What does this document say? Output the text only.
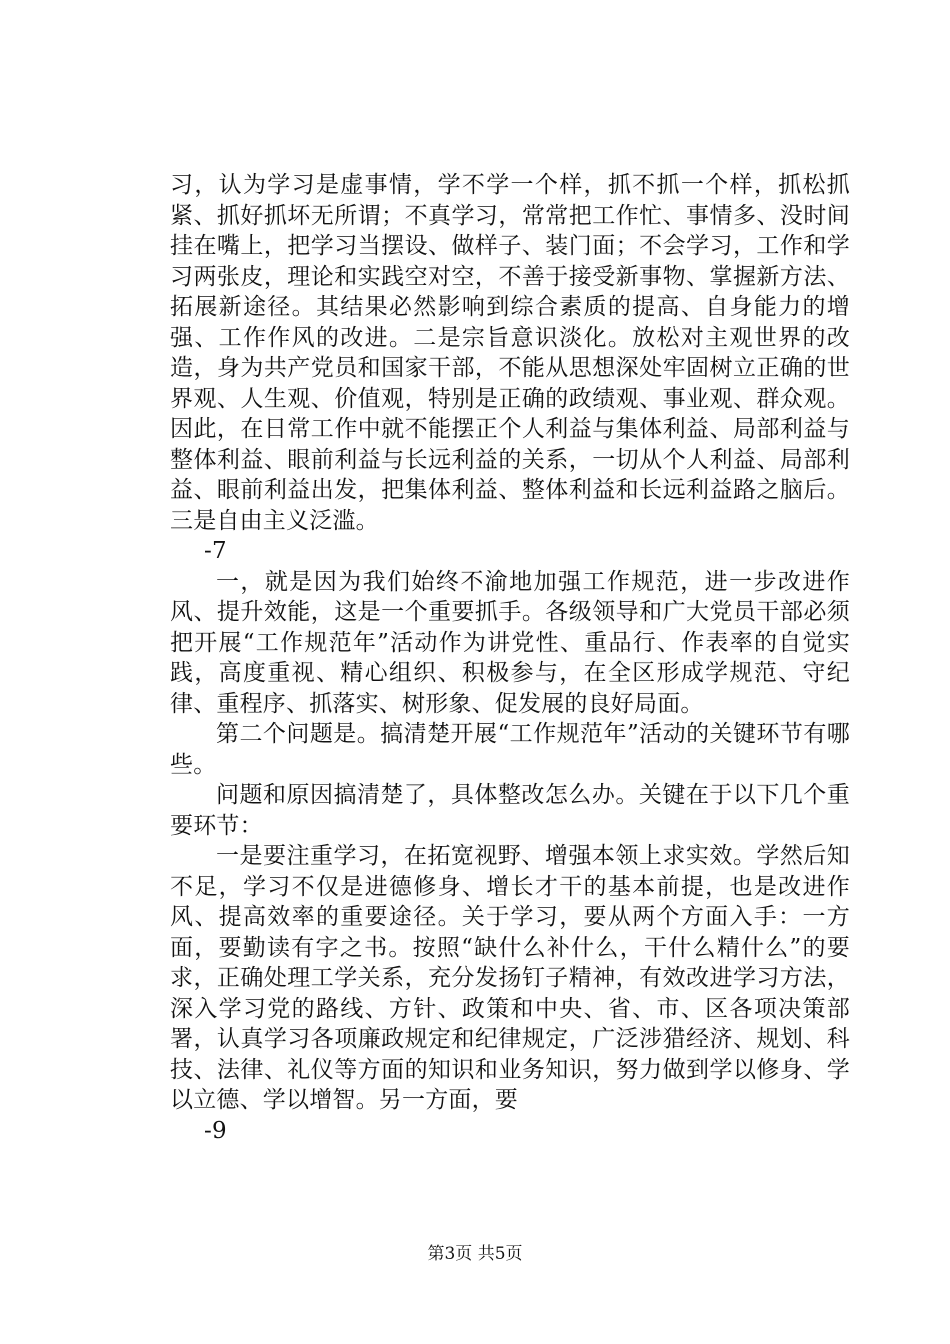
习，认为学习是虚事情，学不学一个样，抓不抓一个样，抓松抓紧、抓好抓坏无所谓；不真学习，常常把工作忙、事情多、没时间挂在嘴上，把学习当摆设、做样子、装门面；不会学习，工作和学习两张皮，理论和实践空对空，不善于接受新事物、掌握新方法、拓展新途径。其结果必然影响到综合素质的提高、自身能力的增强、工作作风的改进。二是宗旨意识淡化。放松对主观世界的改造，身为共产党员和国家干部，不能从思想深处牢固树立正确的世界观、人生观、价值观，特别是正确的政绩观、事业观、群众观。因此，在日常工作中就不能摆正个人利益与集体利益、局部利益与整体利益、眼前利益与长远利益的关系，一切从个人利益、局部利益、眼前利益出发，把集体利益、整体利益和长远利益路之脑后。三是自由主义泛滥。

-7

一，就是因为我们始终不渝地加强工作规范，进一步改进作风、提升效能，这是一个重要抓手。各级领导和广大党员干部必须把开展“工作规范年”活动作为讲党性、重品行、作表率的自觉实践，高度重视、精心组织、积极参与，在全区形成学规范、守纪律、重程序、抓落实、树形象、促发展的良好局面。

第二个问题是。搞清楚开展“工作规范年”活动的关键环节有哪些。

问题和原因搞清楚了，具体整改怎么办。关键在于以下几个重要环节：

一是要注重学习，在拓宽视野、增强本领上求实效。学然后知不足，学习不仅是进德修身、增长才干的基本前提，也是改进作风、提高效率的重要途径。关于学习，要从两个方面入手：一方面，要勤读有字之书。按照“缺什么补什么，干什么精什么”的要求，正确处理工学关系，充分发扬钉子精神，有效改进学习方法，深入学习党的路线、方针、政策和中央、省、市、区各项决策部署，认真学习各项廉政规定和纪律规定，广泛涉猎经济、规划、科技、法律、礼仪等方面的知识和业务知识，努力做到学以修身、学以立德、学以增智。另一方面，要

-9

第3页 共5页
